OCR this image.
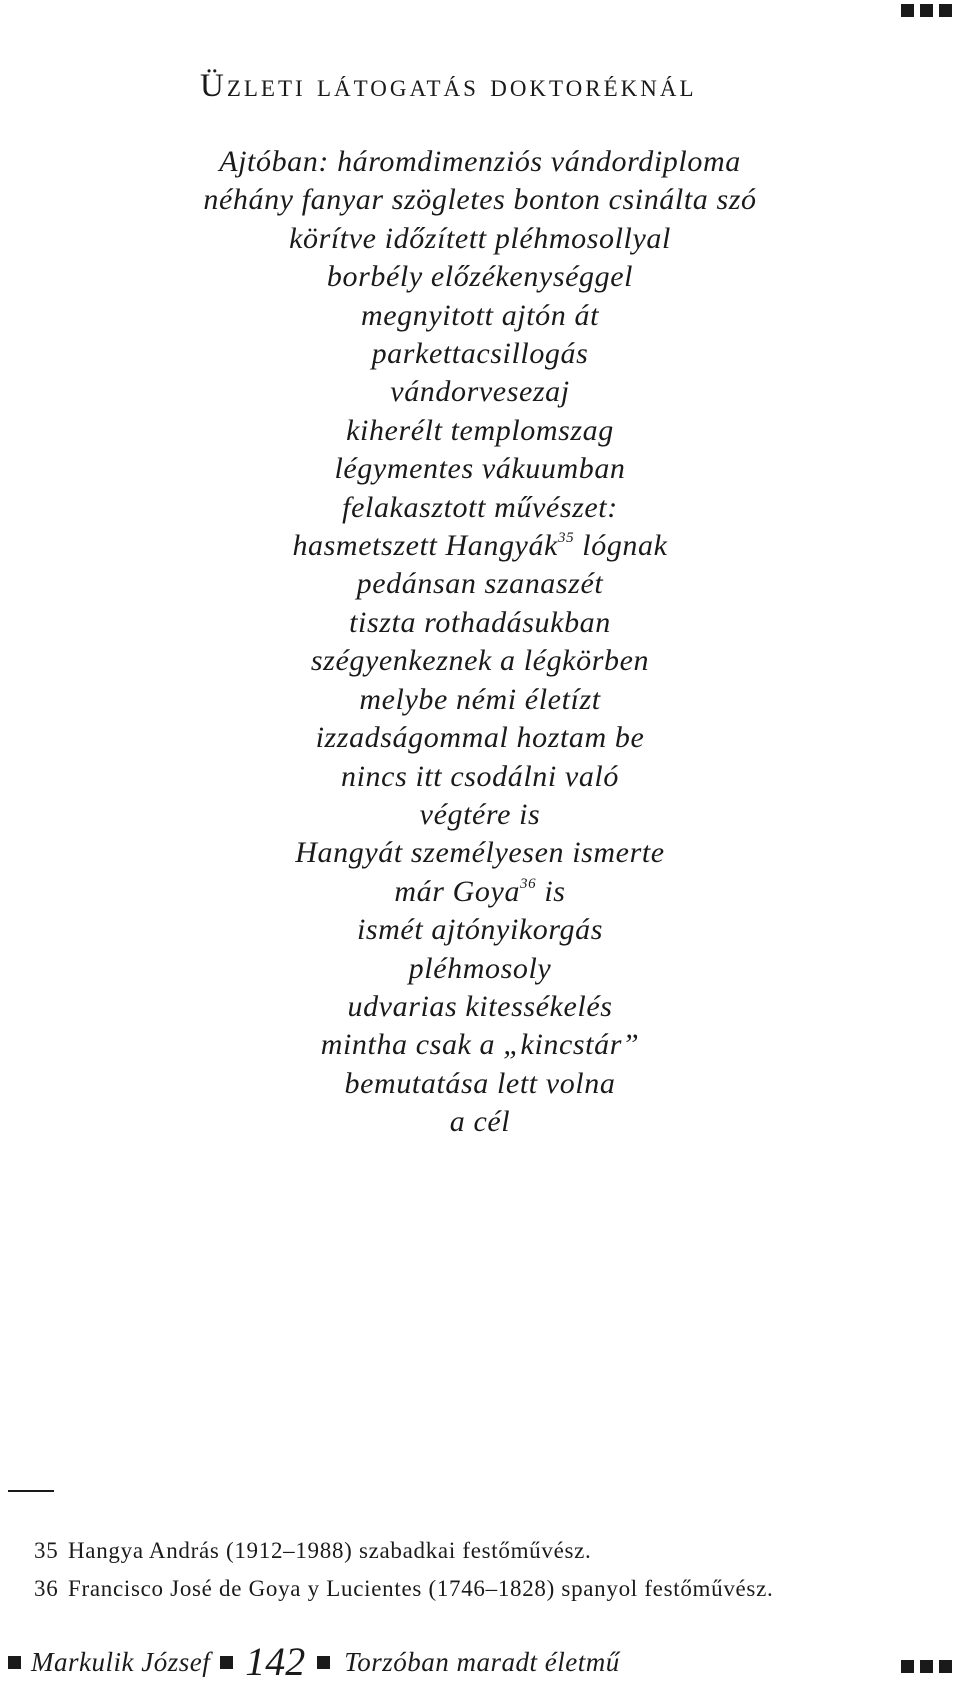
Üzleti látogatás doktoréknál
Ajtóban: háromdimenziós vándordiploma
néhány fanyar szögletes bonton csinálta szó
körítve időzített pléhmosollyal
borbély előzékenységgel
megnyitott ajtón át
parkettacsillogás
vándorvesezaj
kiherélt templomszag
légymentes vákuumban
felakasztott művészet:
hasmetszett Hangyák$^{35}$ lógnak
pedánsan szanaszét
tiszta rothadásukban
szégyenkeznek a légkörben
melybe némi életízt
izzadságommal hoztam be
nincs itt csodálni való
végtére is
Hangyát személyesen ismerte
már Goya$^{36}$ is
ismét ajtónyikorgás
pléhmosoly
udvarias kitessékelés
mintha csak a „kincstár”
bemutatása lett volna
a cél
35 Hangya András (1912–1988) szabadkai festőművész.
36 Francisco José de Goya y Lucientes (1746–1828) spanyol festőművész.
Markulik József 142 Torzóban maradt életmű
